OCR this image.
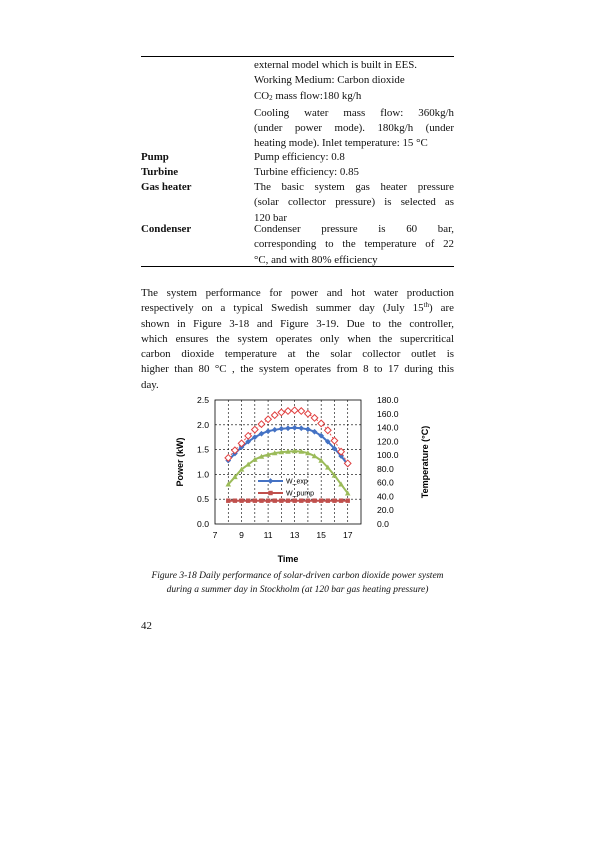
external model which is built in EES.
Working Medium: Carbon dioxide
$CO_2$ mass flow:180 kg/h
Cooling water mass flow: 360kg/h
(under power mode). 180kg/h (under
heating mode). Inlet temperature: 15 °C
Pump	Pump efficiency: 0.8
Turbine	Turbine efficiency: 0.85
Gas heater	The basic system gas heater pressure
(solar collector pressure) is selected as
120 bar
Condenser	Condenser pressure is 60 bar,
corresponding to the temperature of 22
°C, and with 80% efficiency
The system performance for power and hot water production
respectively on a typical Swedish summer day (July 15th) are
shown in Figure 3-18 and Figure 3-19. Due to the controller,
which ensures the system operates only when the supercritical
carbon dioxide temperature at the solar collector outlet is
higher than 80 °C , the system operates from 8 to 17 during this
day.
W_exp
W_pump
0.0
0.5
1.0
1.5
2.0
2.5
7	9 11 13 15 17
0.0
20.0
40.0
60.0
80.0
100.0
120.0
140.0
160.0
180.0
Time
Power (kW)	Temperature (°C)
Figure 3-18 Daily performance of solar-driven carbon dioxide power system
during a summer day in Stockholm (at 120 bar gas heating pressure)
42
